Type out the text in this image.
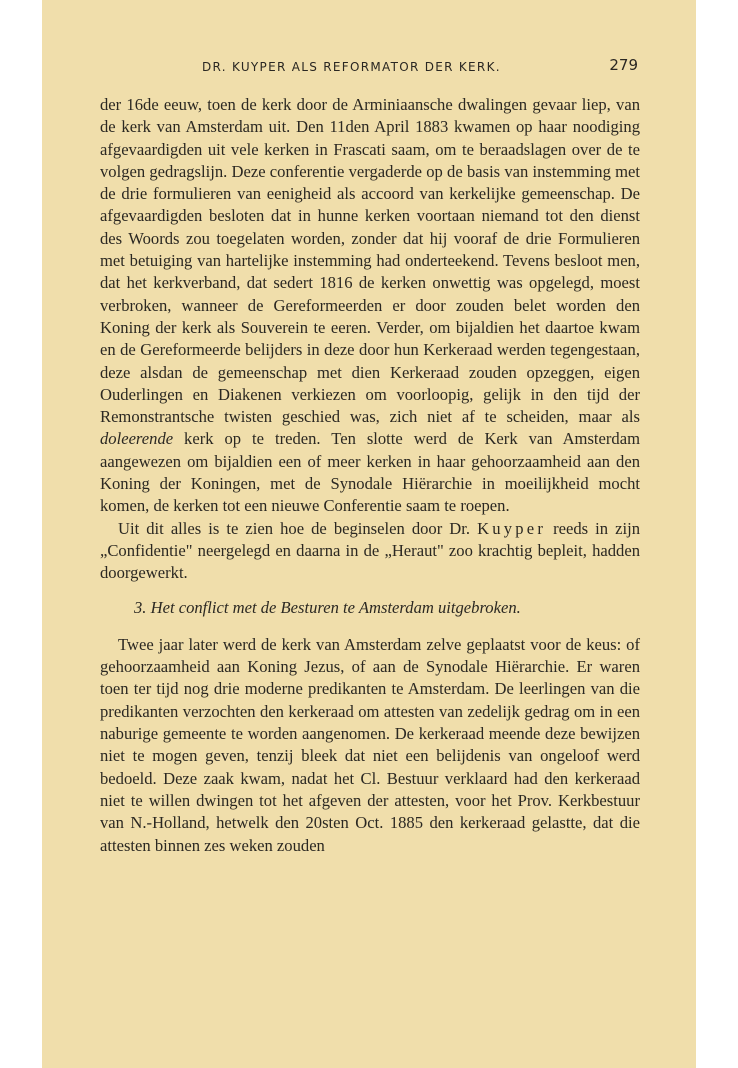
DR. KUYPER ALS REFORMATOR DER KERK.	279

der 16de eeuw, toen de kerk door de Arminiaansche dwalingen gevaar liep, van de kerk van Amsterdam uit. Den 11den April 1883 kwamen op haar noodiging afgevaardigden uit vele kerken in Frascati saam, om te beraadslagen over de te volgen gedragslijn. Deze conferentie vergaderde op de basis van instemming met de drie formulieren van eenigheid als accoord van kerkelijke gemeenschap. De afgevaardigden besloten dat in hunne kerken voortaan niemand tot den dienst des Woords zou toegelaten worden, zonder dat hij vooraf de drie Formulieren met betuiging van hartelijke instemming had onderteekend. Tevens besloot men, dat het kerkverband, dat sedert 1816 de kerken onwettig was opgelegd, moest verbroken, wanneer de Gereformeerden er door zouden belet worden den Koning der kerk als Souverein te eeren. Verder, om bijaldien het daartoe kwam en de Gereformeerde belijders in deze door hun Kerkeraad werden tegengestaan, deze alsdan de gemeenschap met dien Kerkeraad zouden opzeggen, eigen Ouderlingen en Diakenen verkiezen om voorloopig, gelijk in den tijd der Remonstrantsche twisten geschied was, zich niet af te scheiden, maar als doleerende kerk op te treden. Ten slotte werd de Kerk van Amsterdam aangewezen om bijaldien een of meer kerken in haar gehoorzaamheid aan den Koning der Koningen, met de Synodale Hiërarchie in moeilijkheid mocht komen, de kerken tot een nieuwe Conferentie saam te roepen.

Uit dit alles is te zien hoe de beginselen door Dr. Kuyper reeds in zijn „Confidentie" neergelegd en daarna in de „Heraut" zoo krachtig bepleit, hadden doorgewerkt.

3. Het conflict met de Besturen te Amsterdam uitgebroken.

Twee jaar later werd de kerk van Amsterdam zelve geplaatst voor de keus: of gehoorzaamheid aan Koning Jezus, of aan de Synodale Hiërarchie. Er waren toen ter tijd nog drie moderne predikanten te Amsterdam. De leerlingen van die predikanten verzochten den kerkeraad om attesten van zedelijk gedrag om in een naburige gemeente te worden aangenomen. De kerkeraad meende deze bewijzen niet te mogen geven, tenzij bleek dat niet een belijdenis van ongeloof werd bedoeld. Deze zaak kwam, nadat het Cl. Bestuur verklaard had den kerkeraad niet te willen dwingen tot het afgeven der attesten, voor het Prov. Kerkbestuur van N.-Holland, hetwelk den 20sten Oct. 1885 den kerkeraad gelastte, dat die attesten binnen zes weken zouden
